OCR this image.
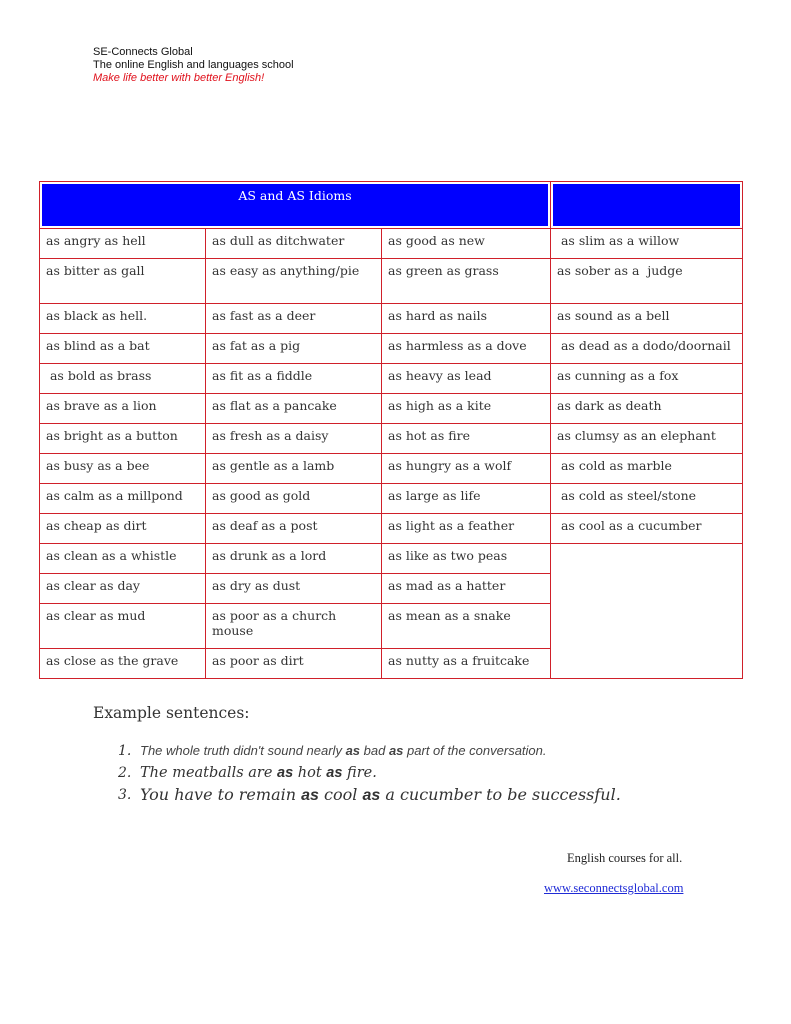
SE-Connects Global
The online English and languages school
Make life better with better English!
AS and AS Idioms			
as angry as hell	as dull as ditchwater	as good as new	as slim as a willow
as bitter as gall	as easy as anything/pie	as green as grass	as sober as a  judge
as black as hell.	as fast as a deer	as hard as nails	as sound as a bell
as blind as a bat	as fat as a pig	as harmless as a dove	as dead as a dodo/doornail
as bold as brass	as fit as a fiddle	as heavy as lead	as cunning as a fox
as brave as a lion	as flat as a pancake	as high as a kite	as dark as death
as bright as a button	as fresh as a daisy	as hot as fire	as clumsy as an elephant
as busy as a bee	as gentle as a lamb	as hungry as a wolf	as cold as marble
as calm as a millpond	as good as gold	as large as life	as cold as steel/stone
as cheap as dirt	as deaf as a post	as light as a feather	as cool as a cucumber
as clean as a whistle	as drunk as a lord	as like as two peas	
as clear as day	as dry as dust	as mad as a hatter	
as clear as mud	as poor as a church mouse	as mean as a snake	
as close as the grave	as poor as dirt	as nutty as a fruitcake	
Example sentences:
1. The whole truth didn't sound nearly as bad as part of the conversation.
2. The meatballs are as hot as fire.
3. You have to remain as cool as a cucumber to be successful.
English courses for all.
www.seconnectsglobal.com
